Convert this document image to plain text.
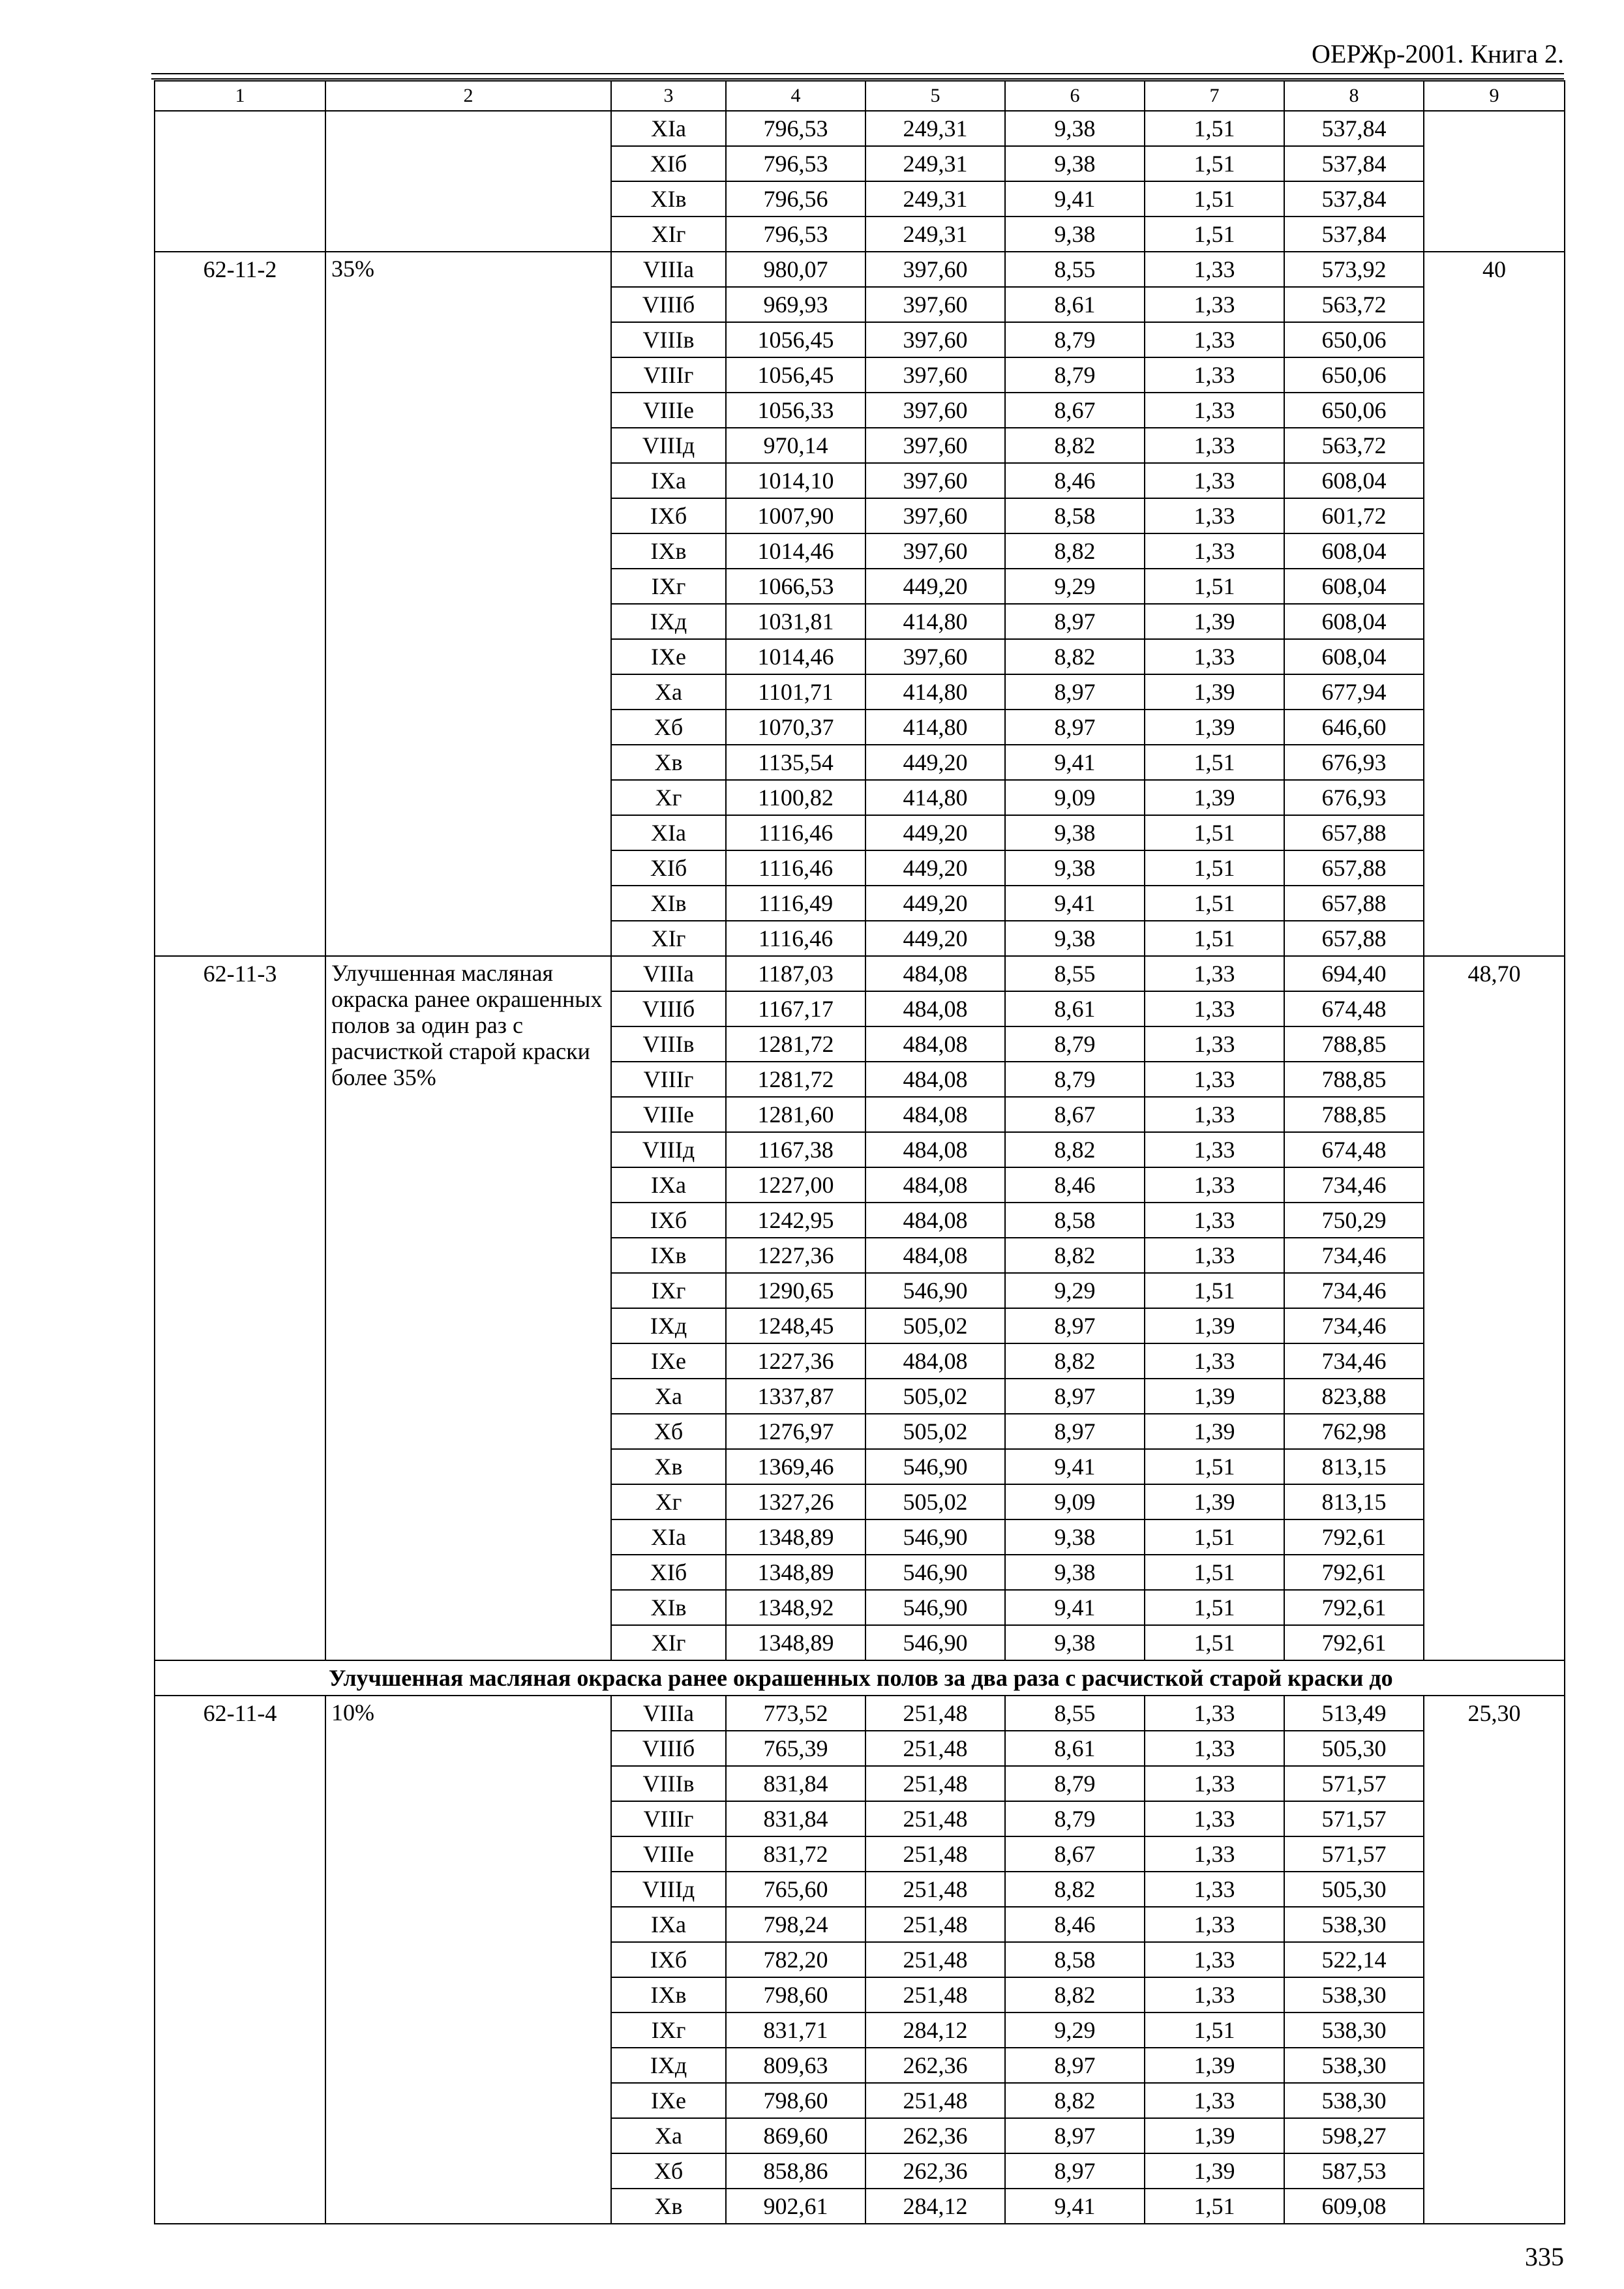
ОЕРЖр-2001. Книга 2.
1	2	3	4	5	6	7	8	9
		XIa	796,53	249,31	9,38	1,51	537,84	
		XIб	796,53	249,31	9,38	1,51	537,84	
		XIв	796,56	249,31	9,41	1,51	537,84	
		XIг	796,53	249,31	9,38	1,51	537,84	
62-11-2	35%	VIIIa	980,07	397,60	8,55	1,33	573,92	40
		VIIIб	969,93	397,60	8,61	1,33	563,72	
		VIIIв	1056,45	397,60	8,79	1,33	650,06	
		VIIIг	1056,45	397,60	8,79	1,33	650,06	
		VIIIe	1056,33	397,60	8,67	1,33	650,06	
		VIIIд	970,14	397,60	8,82	1,33	563,72	
		IXa	1014,10	397,60	8,46	1,33	608,04	
		IXб	1007,90	397,60	8,58	1,33	601,72	
		IXв	1014,46	397,60	8,82	1,33	608,04	
		IXг	1066,53	449,20	9,29	1,51	608,04	
		IXд	1031,81	414,80	8,97	1,39	608,04	
		IXe	1014,46	397,60	8,82	1,33	608,04	
		Xa	1101,71	414,80	8,97	1,39	677,94	
		Xб	1070,37	414,80	8,97	1,39	646,60	
		Xв	1135,54	449,20	9,41	1,51	676,93	
		Xг	1100,82	414,80	9,09	1,39	676,93	
		XIa	1116,46	449,20	9,38	1,51	657,88	
		XIб	1116,46	449,20	9,38	1,51	657,88	
		XIв	1116,49	449,20	9,41	1,51	657,88	
		XIг	1116,46	449,20	9,38	1,51	657,88	
62-11-3	Улучшенная масляная окраска ранее окрашенных полов за один раз с расчисткой старой краски более 35%	VIIIa	1187,03	484,08	8,55	1,33	694,40	48,70
		VIIIб	1167,17	484,08	8,61	1,33	674,48	
		VIIIв	1281,72	484,08	8,79	1,33	788,85	
		VIIIг	1281,72	484,08	8,79	1,33	788,85	
		VIIIe	1281,60	484,08	8,67	1,33	788,85	
		VIIIд	1167,38	484,08	8,82	1,33	674,48	
		IXa	1227,00	484,08	8,46	1,33	734,46	
		IXб	1242,95	484,08	8,58	1,33	750,29	
		IXв	1227,36	484,08	8,82	1,33	734,46	
		IXг	1290,65	546,90	9,29	1,51	734,46	
		IXд	1248,45	505,02	8,97	1,39	734,46	
		IXe	1227,36	484,08	8,82	1,33	734,46	
		Xa	1337,87	505,02	8,97	1,39	823,88	
		Xб	1276,97	505,02	8,97	1,39	762,98	
		Xв	1369,46	546,90	9,41	1,51	813,15	
		Xг	1327,26	505,02	9,09	1,39	813,15	
		XIa	1348,89	546,90	9,38	1,51	792,61	
		XIб	1348,89	546,90	9,38	1,51	792,61	
		XIв	1348,92	546,90	9,41	1,51	792,61	
		XIг	1348,89	546,90	9,38	1,51	792,61	
Улучшенная масляная окраска ранее окрашенных полов за два раза с расчисткой старой краски до								
62-11-4	10%	VIIIa	773,52	251,48	8,55	1,33	513,49	25,30
		VIIIб	765,39	251,48	8,61	1,33	505,30	
		VIIIв	831,84	251,48	8,79	1,33	571,57	
		VIIIг	831,84	251,48	8,79	1,33	571,57	
		VIIIe	831,72	251,48	8,67	1,33	571,57	
		VIIIд	765,60	251,48	8,82	1,33	505,30	
		IXa	798,24	251,48	8,46	1,33	538,30	
		IXб	782,20	251,48	8,58	1,33	522,14	
		IXв	798,60	251,48	8,82	1,33	538,30	
		IXг	831,71	284,12	9,29	1,51	538,30	
		IXд	809,63	262,36	8,97	1,39	538,30	
		IXe	798,60	251,48	8,82	1,33	538,30	
		Xa	869,60	262,36	8,97	1,39	598,27	
		Xб	858,86	262,36	8,97	1,39	587,53	
		Xв	902,61	284,12	9,41	1,51	609,08	
335
